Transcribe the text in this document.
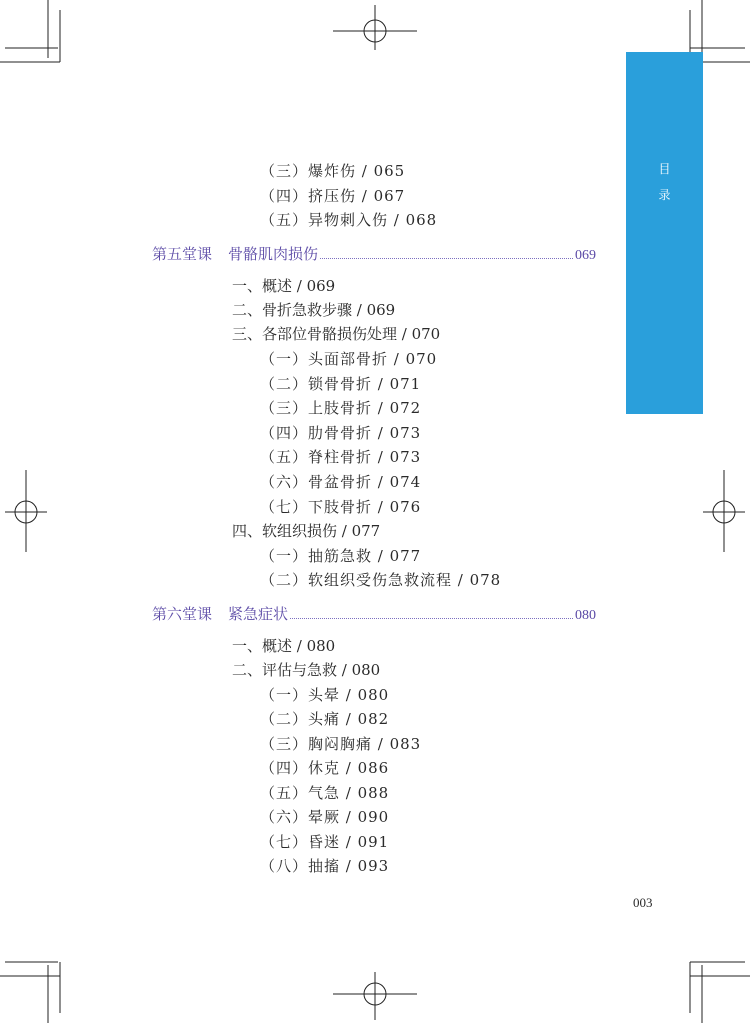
目
录
（三）爆炸伤 / 065
（四）挤压伤 / 067
（五）异物刺入伤 / 068
第五堂课 骨骼肌肉损伤	069
一、概述 / 069
二、骨折急救步骤 / 069
三、各部位骨骼损伤处理 / 070
（一）头面部骨折 / 070
（二）锁骨骨折 / 071
（三）上肢骨折 / 072
（四）肋骨骨折 / 073
（五）脊柱骨折 / 073
（六）骨盆骨折 / 074
（七）下肢骨折 / 076
四、软组织损伤 / 077
（一）抽筋急救 / 077
（二）软组织受伤急救流程 / 078
第六堂课 紧急症状	080
一、概述 / 080
二、评估与急救 / 080
（一）头晕 / 080
（二）头痛 / 082
（三）胸闷胸痛 / 083
（四）休克 / 086
（五）气急 / 088
（六）晕厥 / 090
（七）昏迷 / 091
（八）抽搐 / 093
003
